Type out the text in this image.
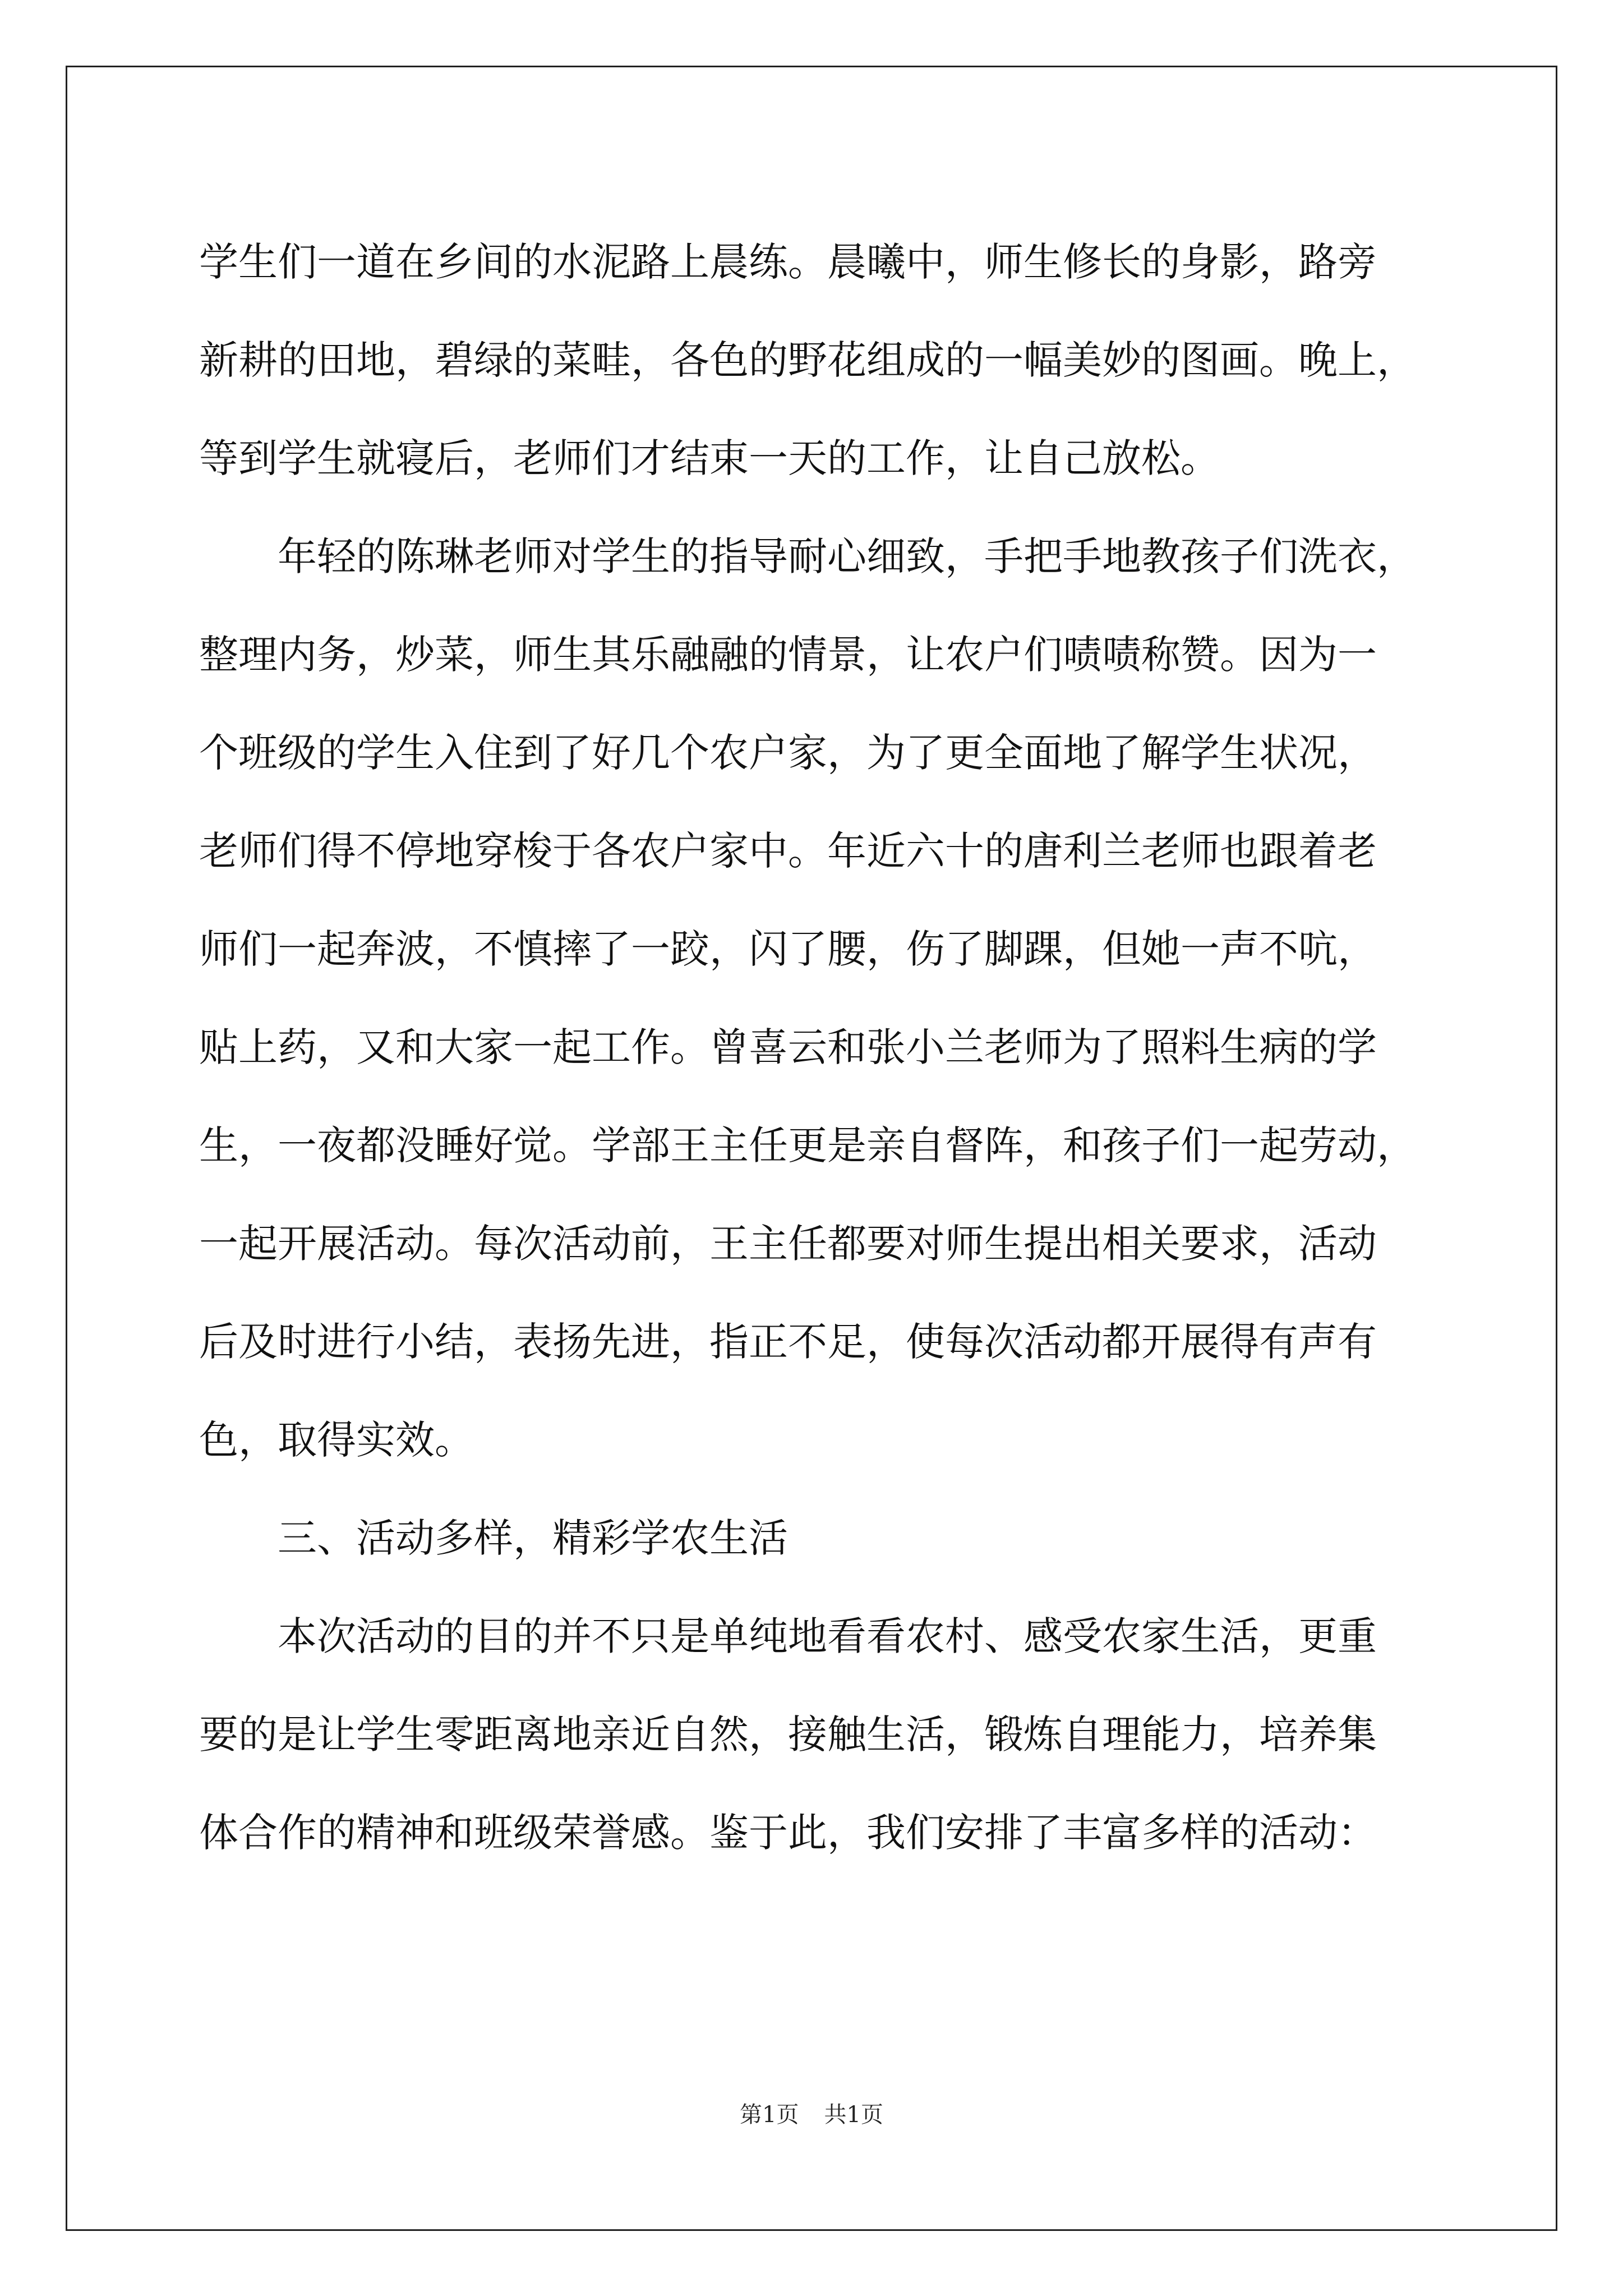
学生们一道在乡间的水泥路上晨练。晨曦中，师生修长的身影，路旁
新耕的田地，碧绿的菜畦，各色的野花组成的一幅美妙的图画。晚上，
等到学生就寝后，老师们才结束一天的工作，让自己放松。
年轻的陈琳老师对学生的指导耐心细致，手把手地教孩子们洗衣，
整理内务，炒菜，师生其乐融融的情景，让农户们啧啧称赞。因为一
个班级的学生入住到了好几个农户家，为了更全面地了解学生状况，
老师们得不停地穿梭于各农户家中。年近六十的唐利兰老师也跟着老
师们一起奔波，不慎摔了一跤，闪了腰，伤了脚踝，但她一声不吭，
贴上药，又和大家一起工作。曾喜云和张小兰老师为了照料生病的学
生，一夜都没睡好觉。学部王主任更是亲自督阵，和孩子们一起劳动，
一起开展活动。每次活动前，王主任都要对师生提出相关要求，活动
后及时进行小结，表扬先进，指正不足，使每次活动都开展得有声有
色，取得实效。
三、活动多样，精彩学农生活
本次活动的目的并不只是单纯地看看农村、感受农家生活，更重
要的是让学生零距离地亲近自然，接触生活，锻炼自理能力，培养集
体合作的精神和班级荣誉感。鉴于此，我们安排了丰富多样的活动：
第1页 共1页
